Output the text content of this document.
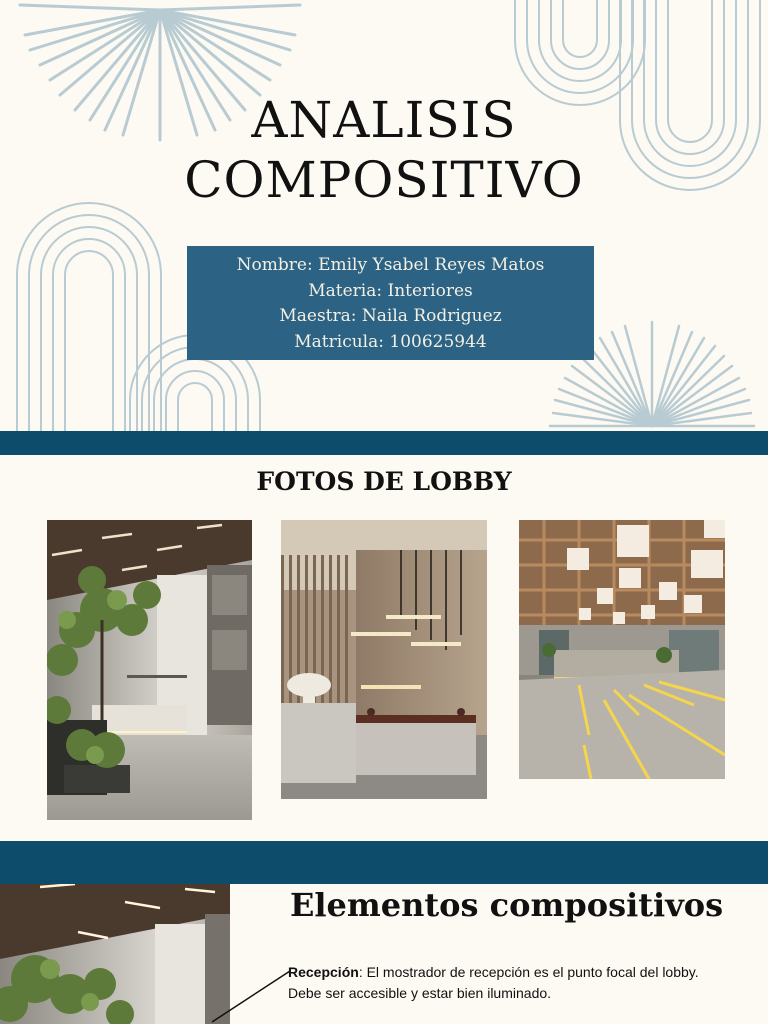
ANALISIS
COMPOSITIVO
Nombre: Emily Ysabel Reyes Matos
Materia: Interiores
Maestra: Naila Rodriguez
Matricula: 100625944
FOTOS DE LOBBY
Elementos compositivos
Recepción: El mostrador de recepción es el punto focal del lobby. Debe ser accesible y estar bien iluminado.
